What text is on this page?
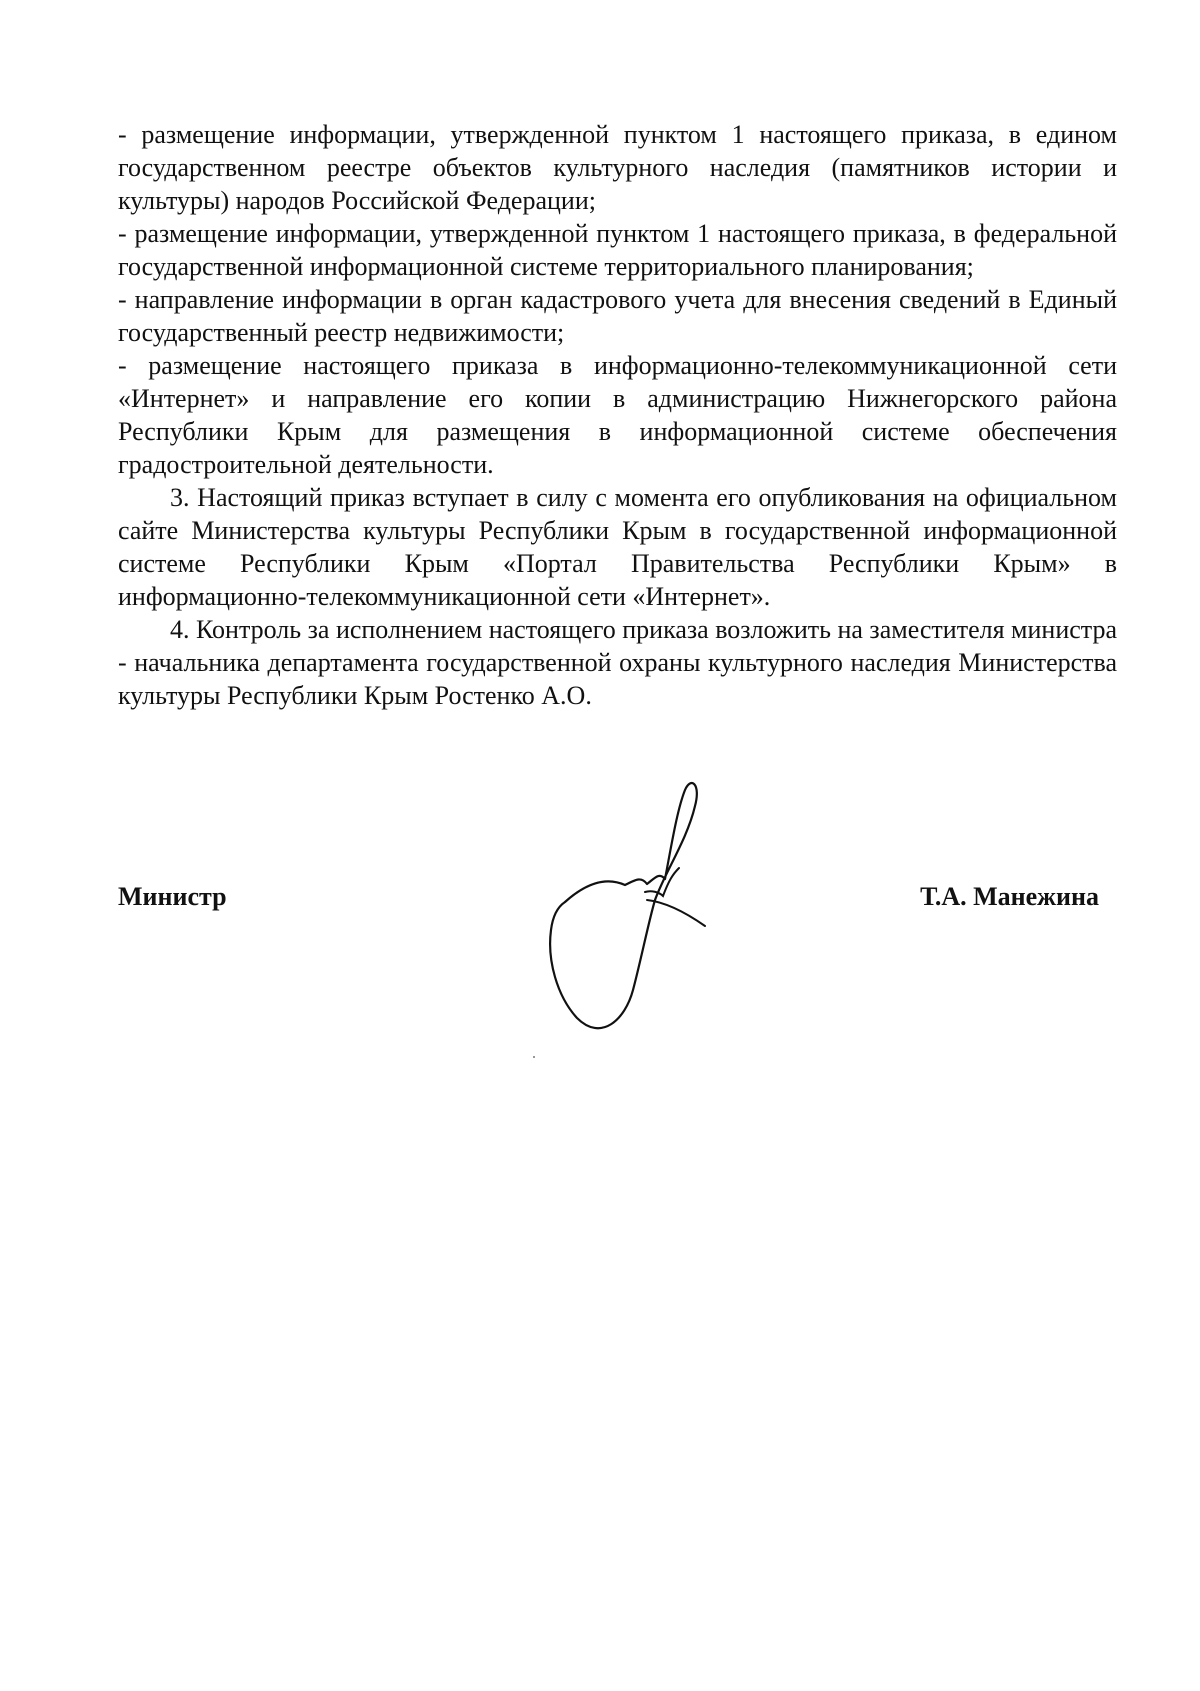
- размещение информации, утвержденной пунктом 1 настоящего приказа, в едином государственном реестре объектов культурного наследия (памятников истории и культуры) народов Российской Федерации;

- размещение информации, утвержденной пунктом 1 настоящего приказа, в федеральной государственной информационной системе территориального планирования;

- направление информации в орган кадастрового учета для внесения сведений в Единый государственный реестр недвижимости;

- размещение настоящего приказа в информационно-телекоммуникационной сети «Интернет» и направление его копии в администрацию Нижнегорского района Республики Крым для размещения в информационной системе обеспечения градостроительной деятельности.

3. Настоящий приказ вступает в силу с момента его опубликования на официальном сайте Министерства культуры Республики Крым в государственной информационной системе Республики Крым «Портал Правительства Республики Крым» в информационно-телекоммуникационной сети «Интернет».

4. Контроль за исполнением настоящего приказа возложить на заместителя министра - начальника департамента государственной охраны культурного наследия Министерства культуры Республики Крым Ростенко А.О.

Министр	Т.А. Манежина
